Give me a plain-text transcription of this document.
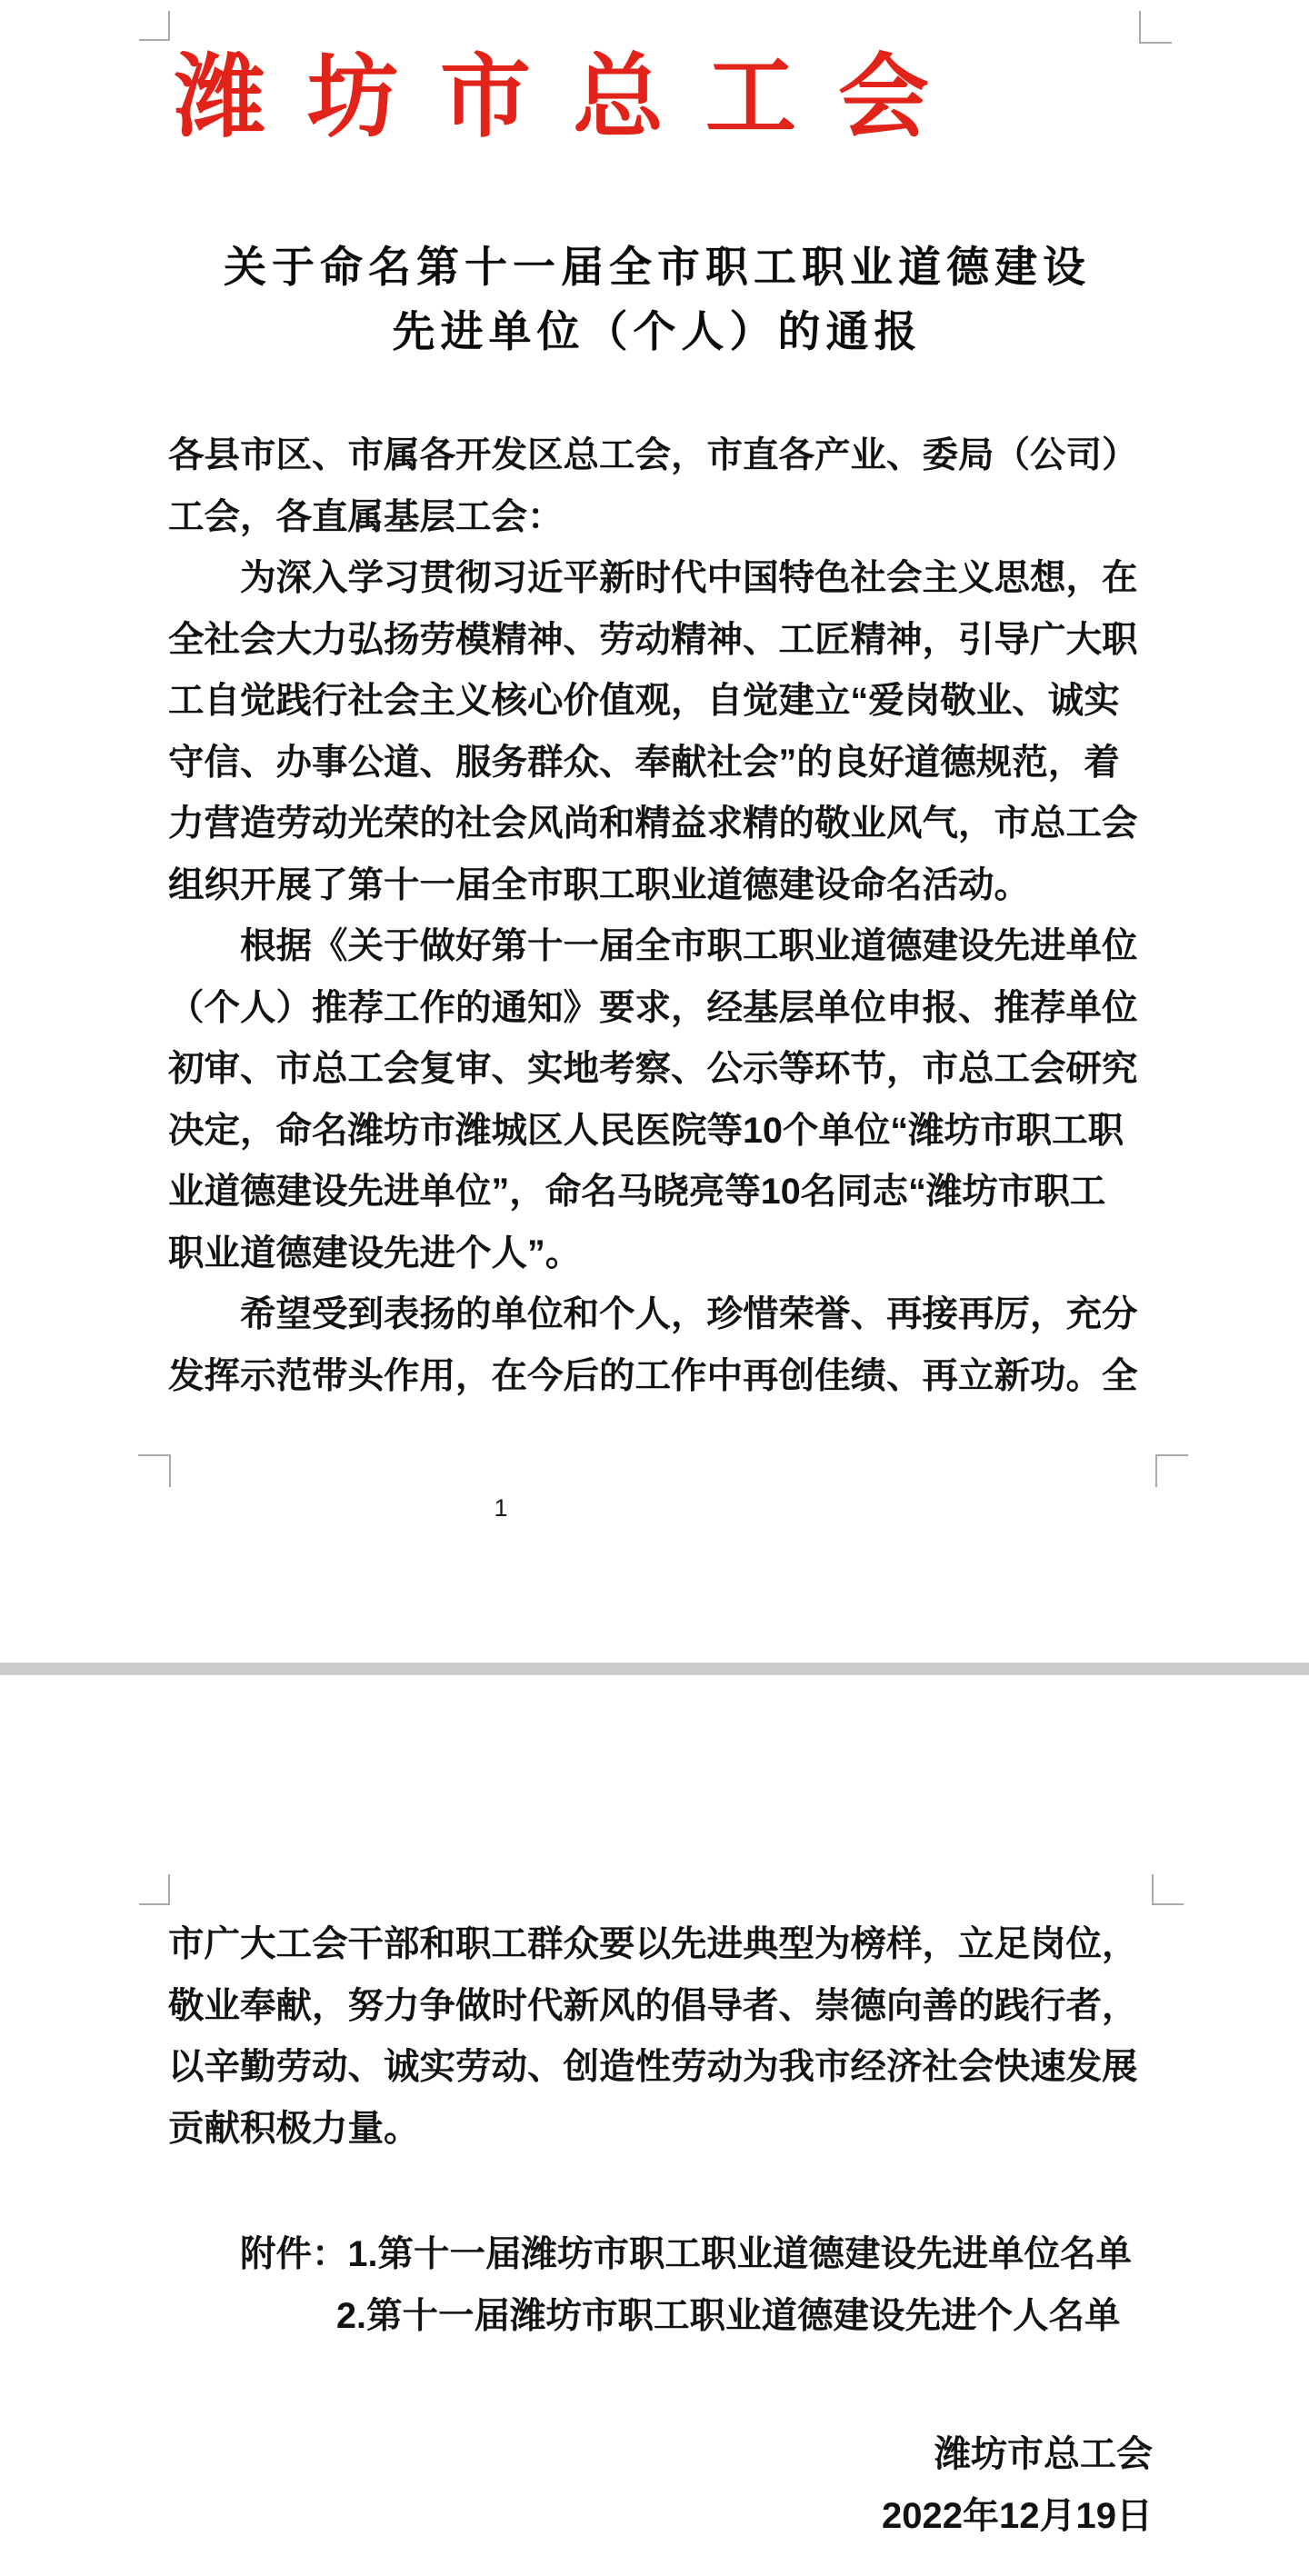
潍坊市总工会
关于命名第十一届全市职工职业道德建设
先进单位（个人）的通报
各县市区、市属各开发区总工会，市直各产业、委局（公司）
工会，各直属基层工会：
　　为深入学习贯彻习近平新时代中国特色社会主义思想，在
全社会大力弘扬劳模精神、劳动精神、工匠精神，引导广大职
工自觉践行社会主义核心价值观，自觉建立“爱岗敬业、诚实
守信、办事公道、服务群众、奉献社会”的良好道德规范，着
力营造劳动光荣的社会风尚和精益求精的敬业风气，市总工会
组织开展了第十一届全市职工职业道德建设命名活动。
　　根据《关于做好第十一届全市职工职业道德建设先进单位
（个人）推荐工作的通知》要求，经基层单位申报、推荐单位
初审、市总工会复审、实地考察、公示等环节，市总工会研究
决定，命名潍坊市潍城区人民医院等10个单位“潍坊市职工职
业道德建设先进单位”，命名马晓亮等10名同志“潍坊市职工
职业道德建设先进个人”。
　　希望受到表扬的单位和个人，珍惜荣誉、再接再厉，充分
发挥示范带头作用，在今后的工作中再创佳绩、再立新功。全
1
市广大工会干部和职工群众要以先进典型为榜样，立足岗位，
敬业奉献，努力争做时代新风的倡导者、崇德向善的践行者，
以辛勤劳动、诚实劳动、创造性劳动为我市经济社会快速发展
贡献积极力量。
附件：1.第十一届潍坊市职工职业道德建设先进单位名单
2.第十一届潍坊市职工职业道德建设先进个人名单
潍坊市总工会
2022年12月19日
